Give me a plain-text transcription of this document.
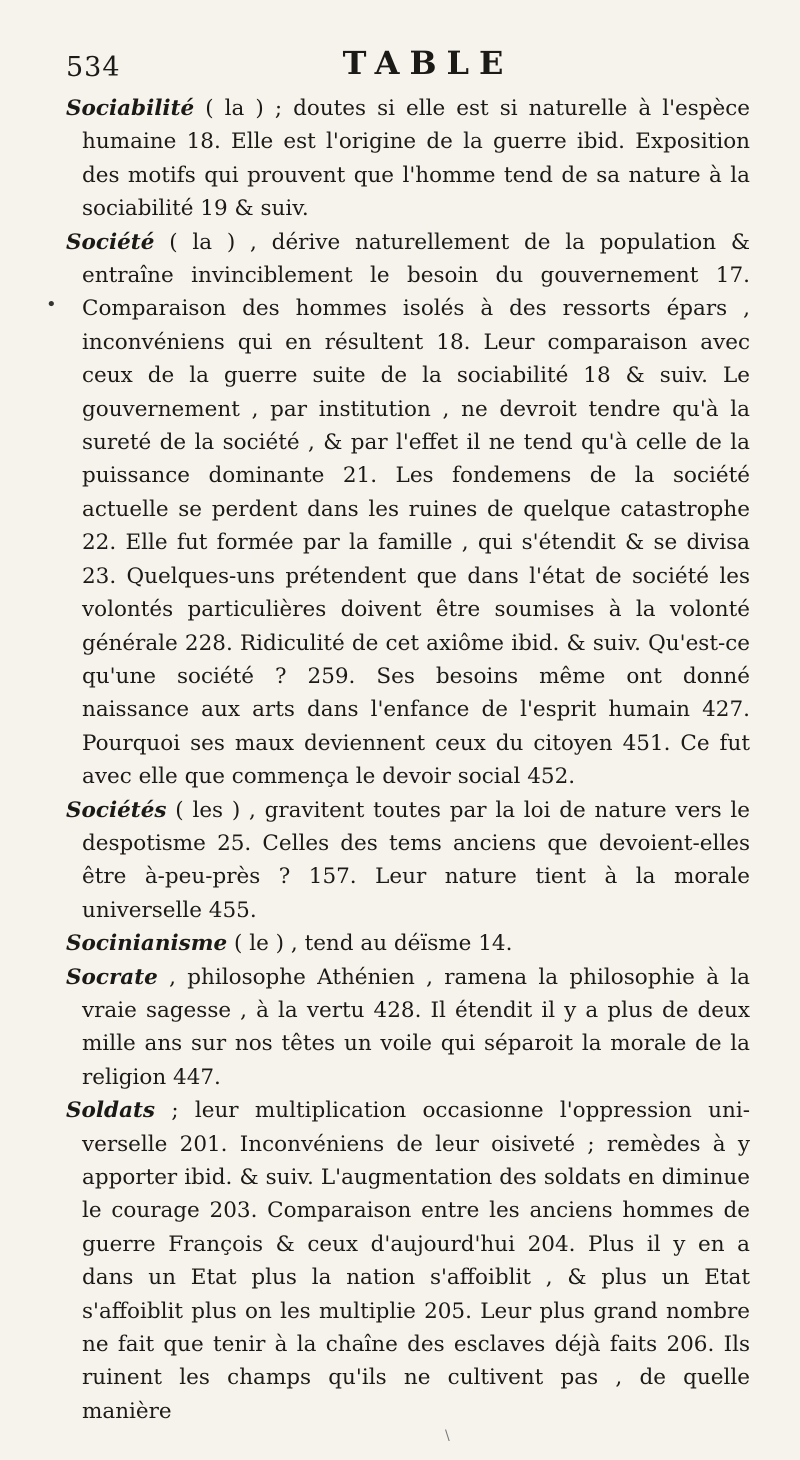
534	TABLE
•

Sociabilité ( la ) ; doutes si elle est si naturelle à l'espèce humaine 18. Elle est l'origine de la guerre ibid. Exposition des motifs qui prouvent que l'homme tend de sa nature à la sociabilité 19 & suiv.

Société ( la ) , dérive naturellement de la population & entraîne invinciblement le besoin du gouvernement 17. Comparaison des hommes isolés à des ressorts épars , inconvéniens qui en résultent 18. Leur comparaison avec ceux de la guerre suite de la sociabilité 18 & suiv. Le gouvernement , par institution , ne devroit tendre qu'à la sureté de la société , & par l'effet il ne tend qu'à celle de la puissance dominante 21. Les fondemens de la société actuelle se perdent dans les ruines de quelque catastrophe 22. Elle fut formée par la famille , qui s'étendit & se divisa 23. Quelques-uns prétendent que dans l'état de société les volontés particulières doivent être soumises à la volonté générale 228. Ridiculité de cet axiôme ibid. & suiv. Qu'est-ce qu'une société ? 259. Ses besoins même ont donné naissance aux arts dans l'enfance de l'esprit humain 427. Pourquoi ses maux deviennent ceux du citoyen 451. Ce fut avec elle que commença le devoir social 452.

Sociétés ( les ) , gravitent toutes par la loi de nature vers le despotisme 25. Celles des tems anciens que devoient-elles être à-peu-près ? 157. Leur nature tient à la morale universelle 455.

Socinianisme ( le ) , tend au déïsme 14.

Socrate , philosophe Athénien , ramena la philosophie à la vraie sagesse , à la vertu 428. Il étendit il y a plus de deux mille ans sur nos têtes un voile qui séparoit la morale de la religion 447.

Soldats ; leur multiplication occasionne l'oppression universelle 201. Inconvéniens de leur oisiveté ; remèdes à y apporter ibid. & suiv. L'augmentation des soldats en diminue le courage 203. Comparaison entre les anciens hommes de guerre François & ceux d'aujourd'hui 204. Plus il y en a dans un Etat plus la nation s'affoiblit , & plus un Etat s'affoiblit plus on les multiplie 205. Leur plus grand nombre ne fait que tenir à la chaîne des esclaves déjà faits 206. Ils ruinent les champs qu'ils ne cultivent pas , de quelle manière

\
